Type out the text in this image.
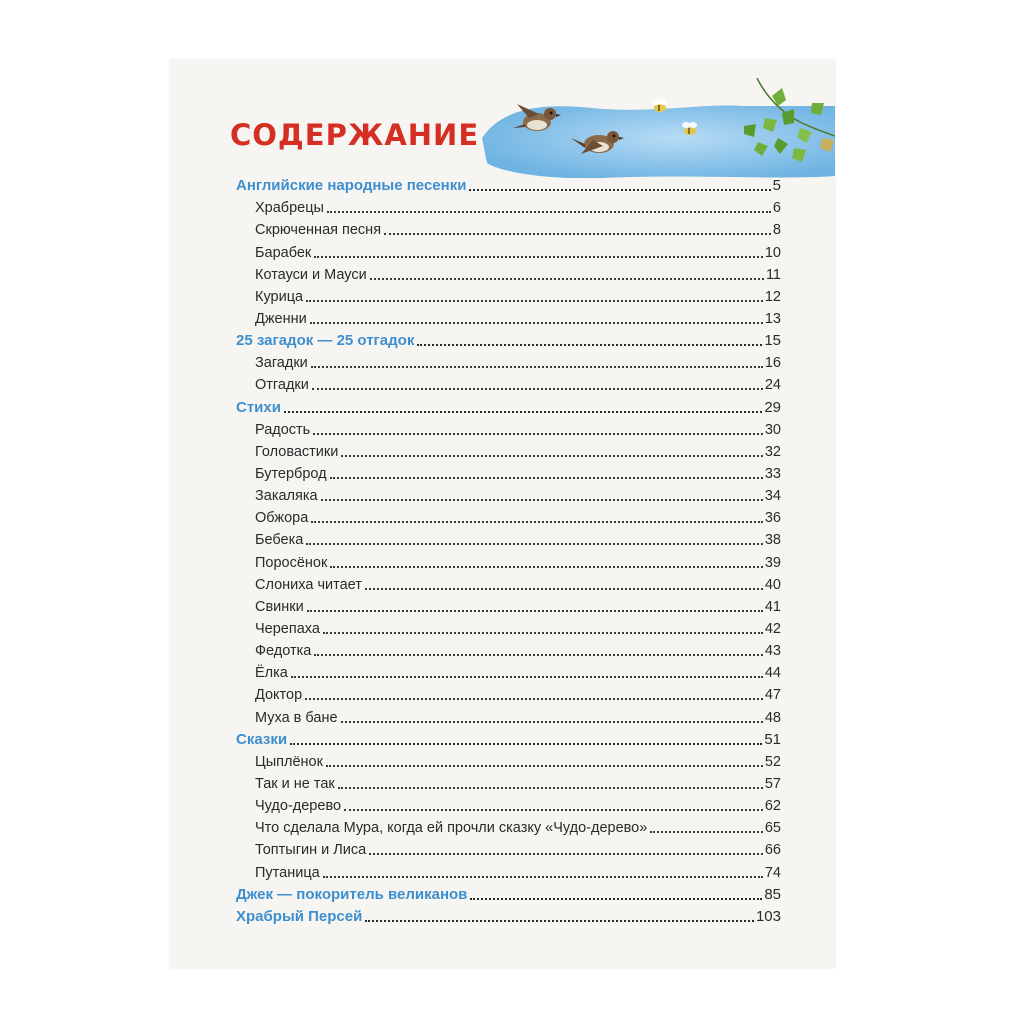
СОДЕРЖАНИЕ
Английские народные песенки	5
Храбрецы	6
Скрюченная песня	8
Барабек	10
Котауси и Мауси	11
Курица	12
Дженни	13
25 загадок — 25 отгадок	15
Загадки	16
Отгадки	24
Стихи	29
Радость	30
Головастики	32
Бутерброд	33
Закаляка	34
Обжора	36
Бебека	38
Поросёнок	39
Слониха читает	40
Свинки	41
Черепаха	42
Федотка	43
Ёлка	44
Доктор	47
Муха в бане	48
Сказки	51
Цыплёнок	52
Так и не так	57
Чудо-дерево	62
Что сделала Мура, когда ей прочли сказку «Чудо-дерево»	65
Топтыгин и Лиса	66
Путаница	74
Джек — покоритель великанов	85
Храбрый Персей	103
